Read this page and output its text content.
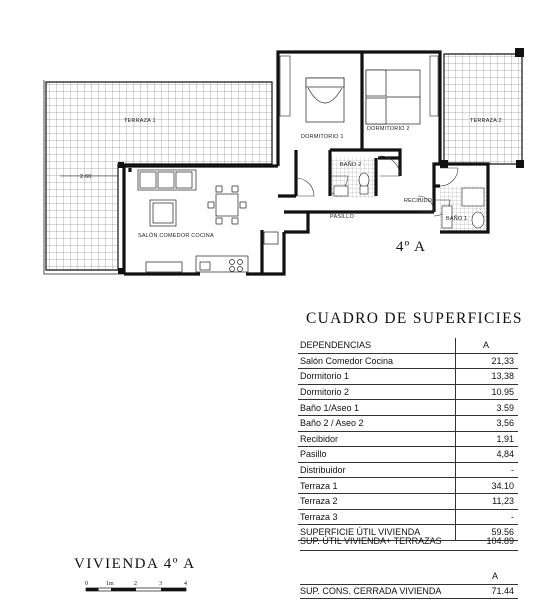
TERRAZA 1	TERRAZA 2
DORMITORIO 1
DORMITORIO 2
BAÑO 2
BAÑO 1
SALÓN COMEDOR COCINA
PASILLO
RECIBIDOR
2.60
4º A
CUADRO DE SUPERFICIES
DEPENDENCIAS	A
Salón Comedor Cocina	21,33
Dormitorio 1	13,38
Dormitorio 2	10.95
Baño 1/Aseo 1	3.59
Baño 2 / Aseo 2	3,56
Recibidor	1,91
Pasillo	4,84
Distribuidor	-
Terraza 1	34.10
Terraza 2	11,23
Terraza 3	-
SUPERFICIE ÚTIL VIVIENDA	59.56
SUP. ÚTIL VIVIENDA+ TERRAZAS	104.89
A
SUP. CONS. CERRADA VIVIENDA	71.44
VIVIENDA 4º A
0	1m	2	3	4
